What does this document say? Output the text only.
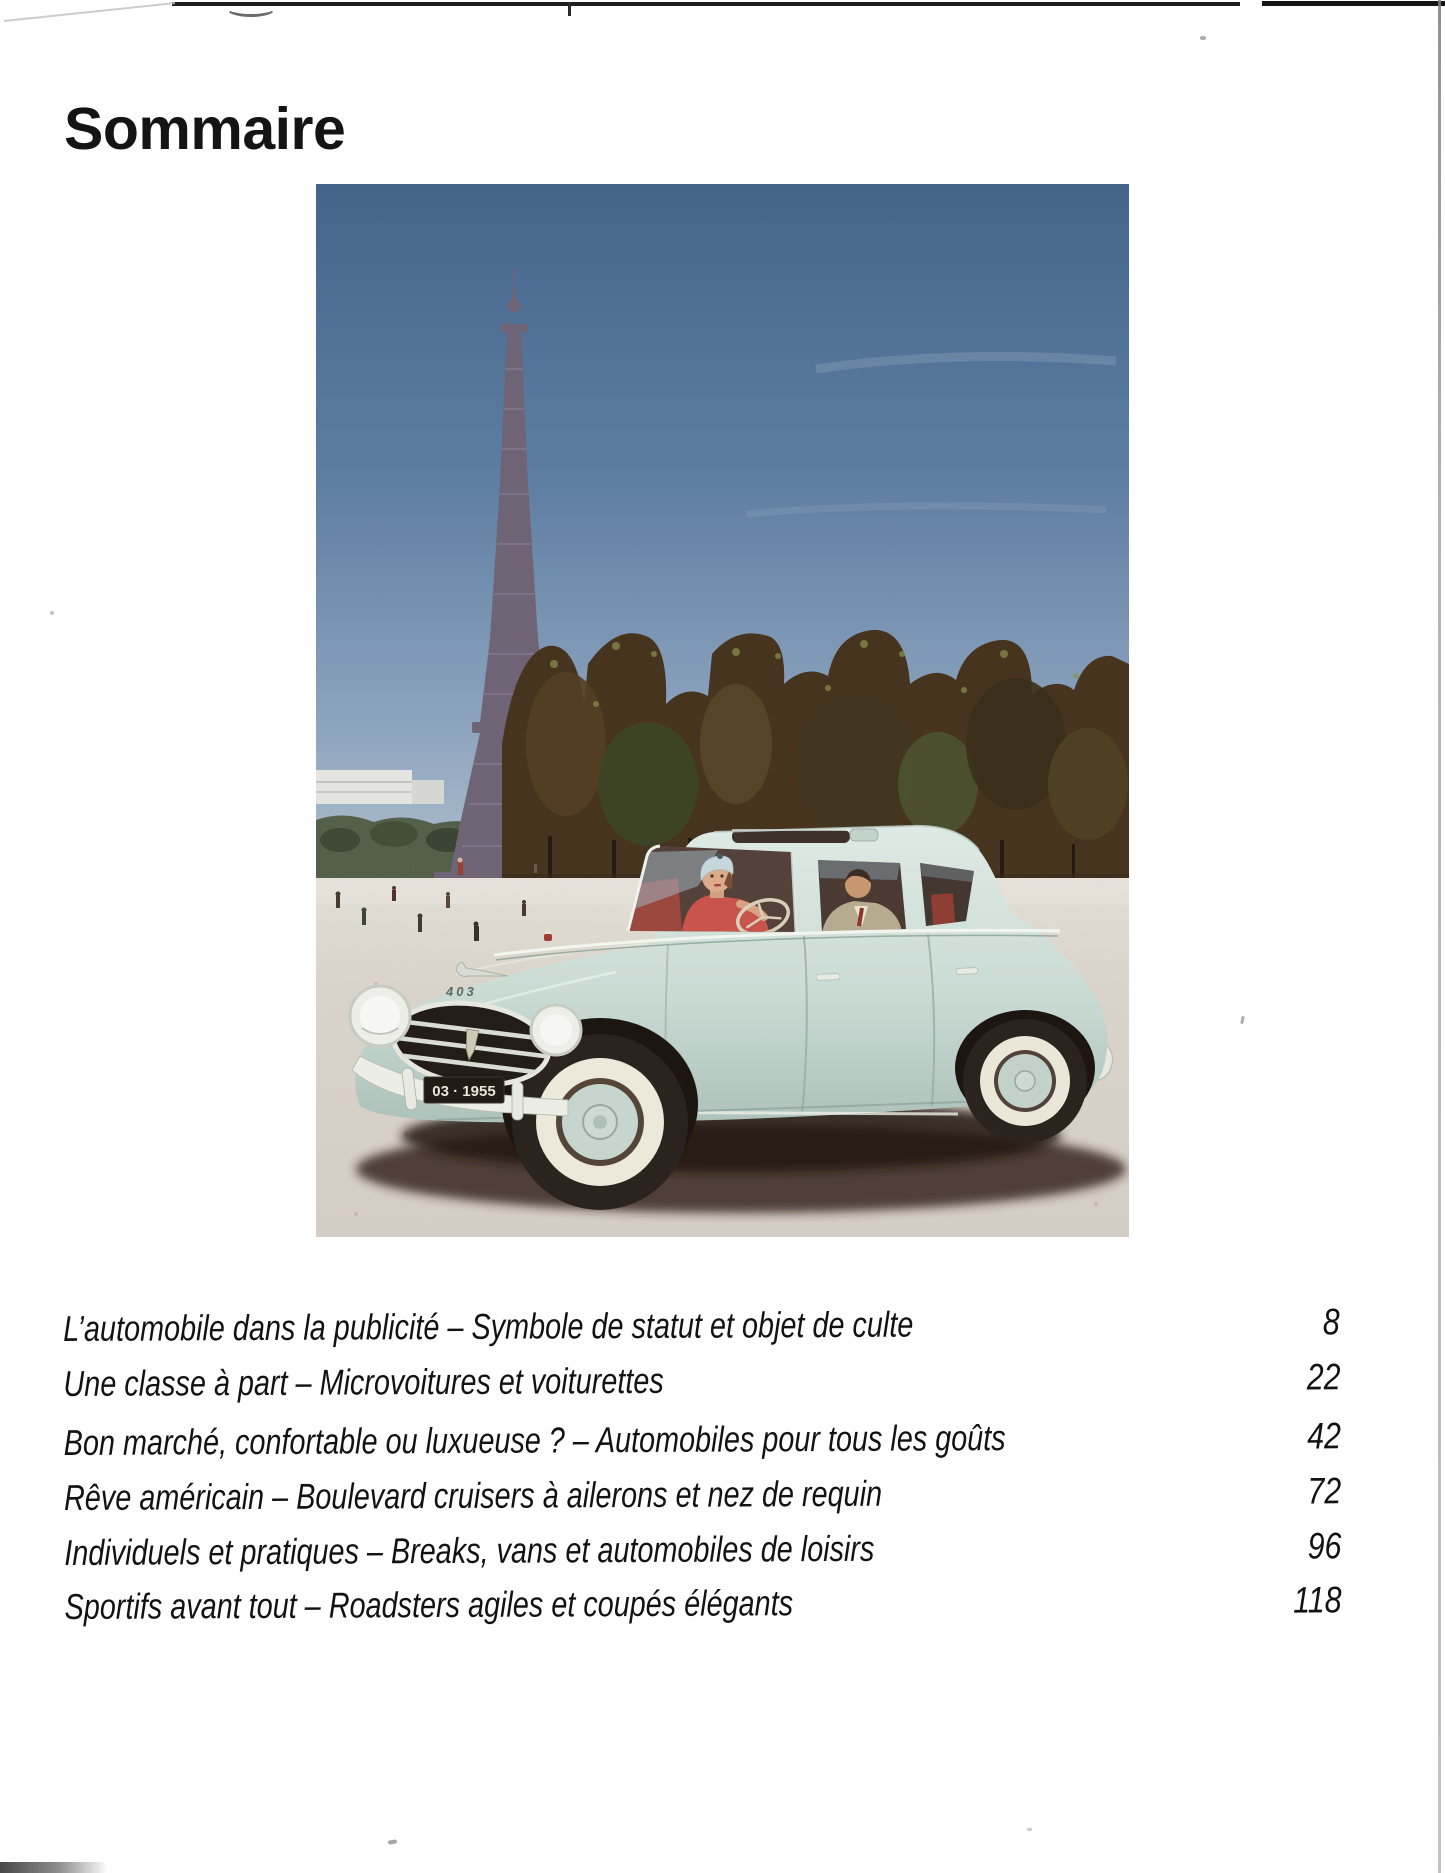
Sommaire
403
03 · 1955
L’automobile dans la publicité – Symbole de statut et objet de culte	8
Une classe à part – Microvoitures et voiturettes	22
Bon marché, confortable ou luxueuse ? – Automobiles pour tous les goûts	42
Rêve américain – Boulevard cruisers à ailerons et nez de requin	72
Individuels et pratiques – Breaks, vans et automobiles de loisirs	96
Sportifs avant tout – Roadsters agiles et coupés élégants	118
